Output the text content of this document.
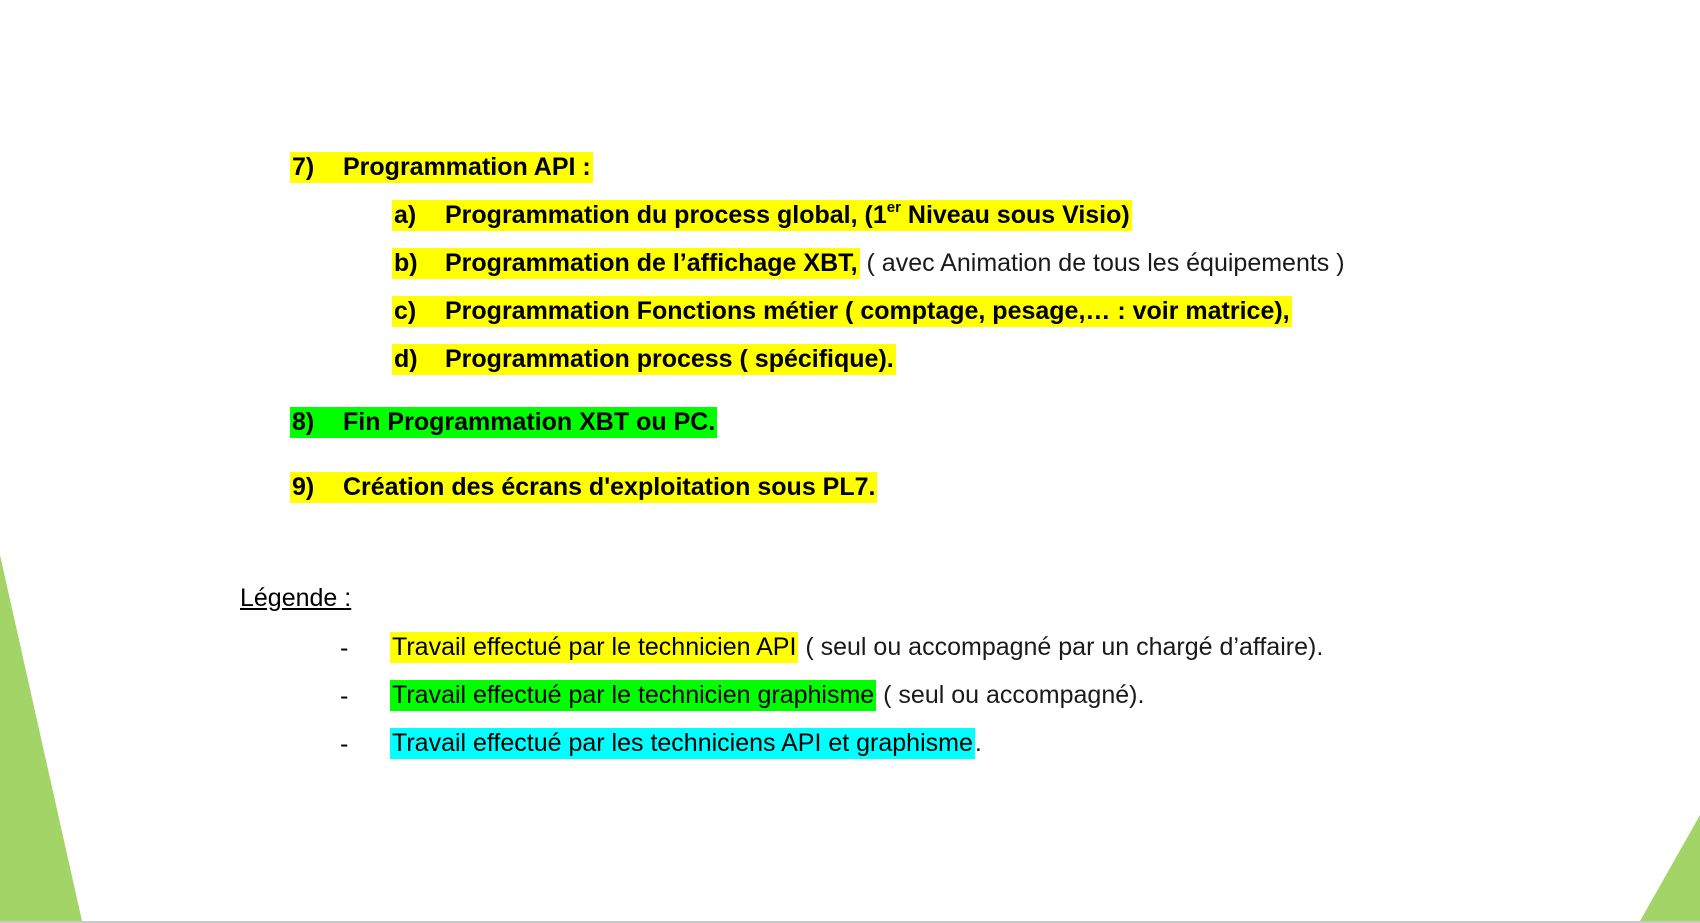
7) Programmation API :
a) Programmation du process global, (1er Niveau sous Visio)
b) Programmation de l’affichage XBT, ( avec Animation de tous les équipements )
c) Programmation Fonctions métier ( comptage, pesage,… : voir matrice),
d) Programmation process ( spécifique).
8) Fin Programmation XBT ou PC.
9) Création des écrans d'exploitation sous PL7.
Légende :
- Travail effectué par le technicien API ( seul ou accompagné par un chargé d’affaire).
- Travail effectué par le technicien graphisme ( seul ou accompagné).
- Travail effectué par les techniciens API et graphisme.
